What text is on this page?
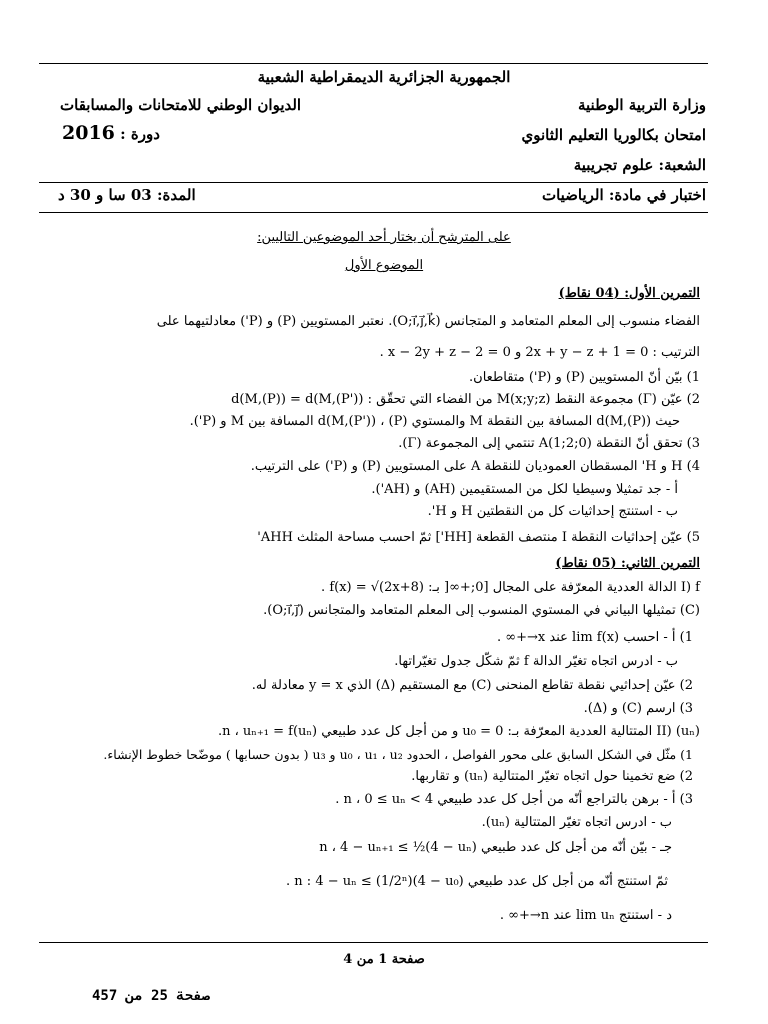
الجمهورية الجزائرية الديمقراطية الشعبية
وزارة التربية الوطنية
الديوان الوطني للامتحانات والمسابقات
امتحان بكالوريا التعليم الثانوي
دورة : 2016
الشعبة: علوم تجريبية
اختبار في مادة: الرياضيات
المدة: 03 سا و 30 د
على المترشح أن يختار أحد الموضوعين التاليين:
الموضوع الأول
التمرين الأول: (04 نقاط)
الفضاء منسوب إلى المعلم المتعامد و المتجانس (O;i⃗,j⃗,k⃗). نعتبر المستويين (P) و (P') معادلتيهما على
الترتيب : 2x + y − z + 1 = 0 و x − 2y + z − 2 = 0 .
1) بيّن أنّ المستويين (P) و (P') متقاطعان.
2) عيّن (Γ) مجموعة النقط M(x;y;z) من الفضاء التي تحقّق : d(M,(P)) = d(M,(P'))
حيث d(M,(P)) المسافة بين النقطة M والمستوي (P) ، d(M,(P')) المسافة بين M و (P').
3) تحقق أنّ النقطة A(1;2;0) تنتمي إلى المجموعة (Γ).
4) H و H' المسقطان العموديان للنقطة A على المستويين (P) و (P') على الترتيب.
أ - جد تمثيلا وسيطيا لكل من المستقيمين (AH) و (AH').
ب - استنتج إحداثيات كل من النقطتين H و H'.
5) عيّن إحداثيات النقطة I منتصف القطعة [HH'] ثمّ احسب مساحة المثلث AHH'
التمرين الثاني: (05 نقاط)
I) f الدالة العددية المعرّفة على المجال [0;+∞[ بـ: f(x) = √(2x+8) .
(C) تمثيلها البياني في المستوي المنسوب إلى المعلم المتعامد والمتجانس (O;i⃗,j⃗).
1) أ - احسب lim f(x) عند x→+∞ .
ب - ادرس اتجاه تغيّر الدالة f ثمّ شكّل جدول تغيّراتها.
2) عيّن إحداثيي نقطة تقاطع المنحنى (C) مع المستقيم (Δ) الذي y = x معادلة له.
3) ارسم (C) و (Δ).
II) (uₙ) المتتالية العددية المعرّفة بـ: u₀ = 0 و من أجل كل عدد طبيعي n ، uₙ₊₁ = f(uₙ).
1) مثّل في الشكل السابق على محور الفواصل ، الحدود u₀ ، u₁ ، u₂ و u₃ ( بدون حسابها ) موضّحا خطوط الإنشاء.
2) ضع تخمينا حول اتجاه تغيّر المتتالية (uₙ) و تقاربها.
3) أ - برهن بالتراجع أنّه من أجل كل عدد طبيعي n ، 0 ≤ uₙ < 4 .
ب - ادرس اتجاه تغيّر المتتالية (uₙ).
جـ - بيّن أنّه من أجل كل عدد طبيعي n ، 4 − uₙ₊₁ ≤ ½(4 − uₙ)
ثمّ استنتج أنّه من أجل كل عدد طبيعي n : 4 − uₙ ≤ (1/2ⁿ)(4 − u₀) .
د - استنتج lim uₙ عند n→+∞ .
صفحة 1 من 4
صفحة 25 من 457
